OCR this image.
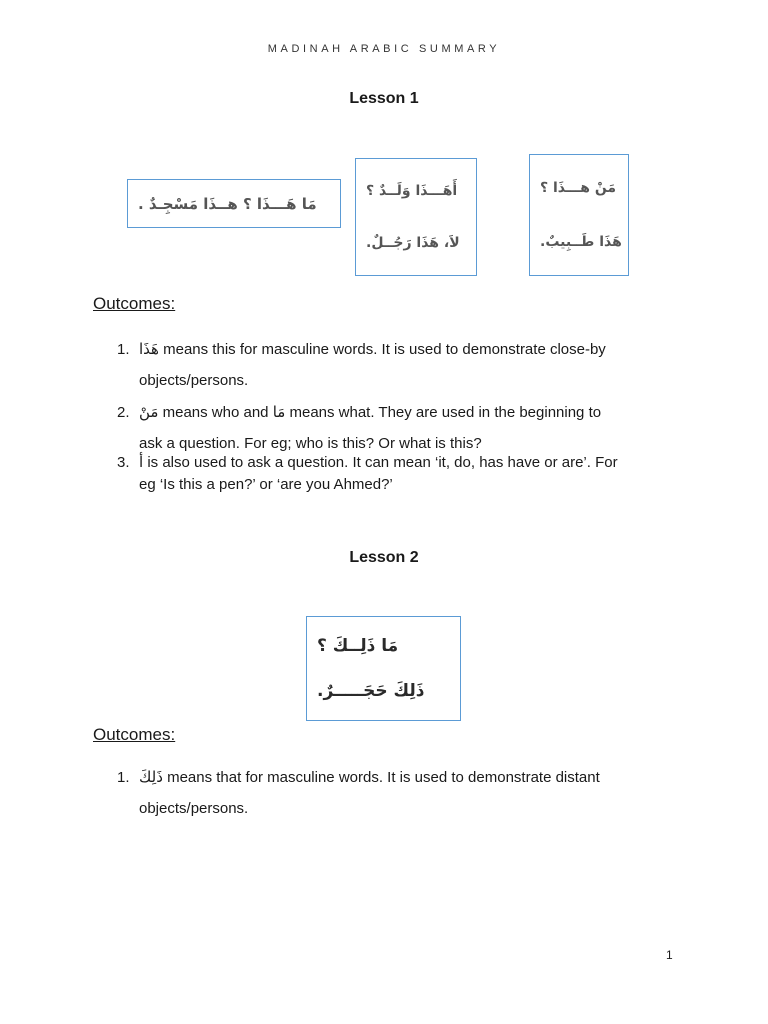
MADINAH ARABIC SUMMARY
Lesson 1
مَا هَـــذَا ؟ هــذَا مَسْجِـدٌ .
أَهَـــذَا وَلَــدٌ ؟
لاَ، هَذَا رَجُــلٌ.
مَنْ هـــذَا ؟
هَذَا طَــبِيبٌ.
Outcomes:
1. هَذَا means this for masculine words. It is used to demonstrate close-by
objects/persons.
2. مَنْ means who and مَا means what. They are used in the beginning to
ask a question. For eg; who is this? Or what is this?
3. أ is also used to ask a question. It can mean ‘it, do, has have or are’. For
eg ‘Is this a pen?’ or ‘are you Ahmed?’
Lesson 2
مَا ذَلِــكَ ؟
ذَلِكَ حَجَـــــرٌ.
Outcomes:
1. ذَلِكَ means that for masculine words. It is used to demonstrate distant
objects/persons.
1
